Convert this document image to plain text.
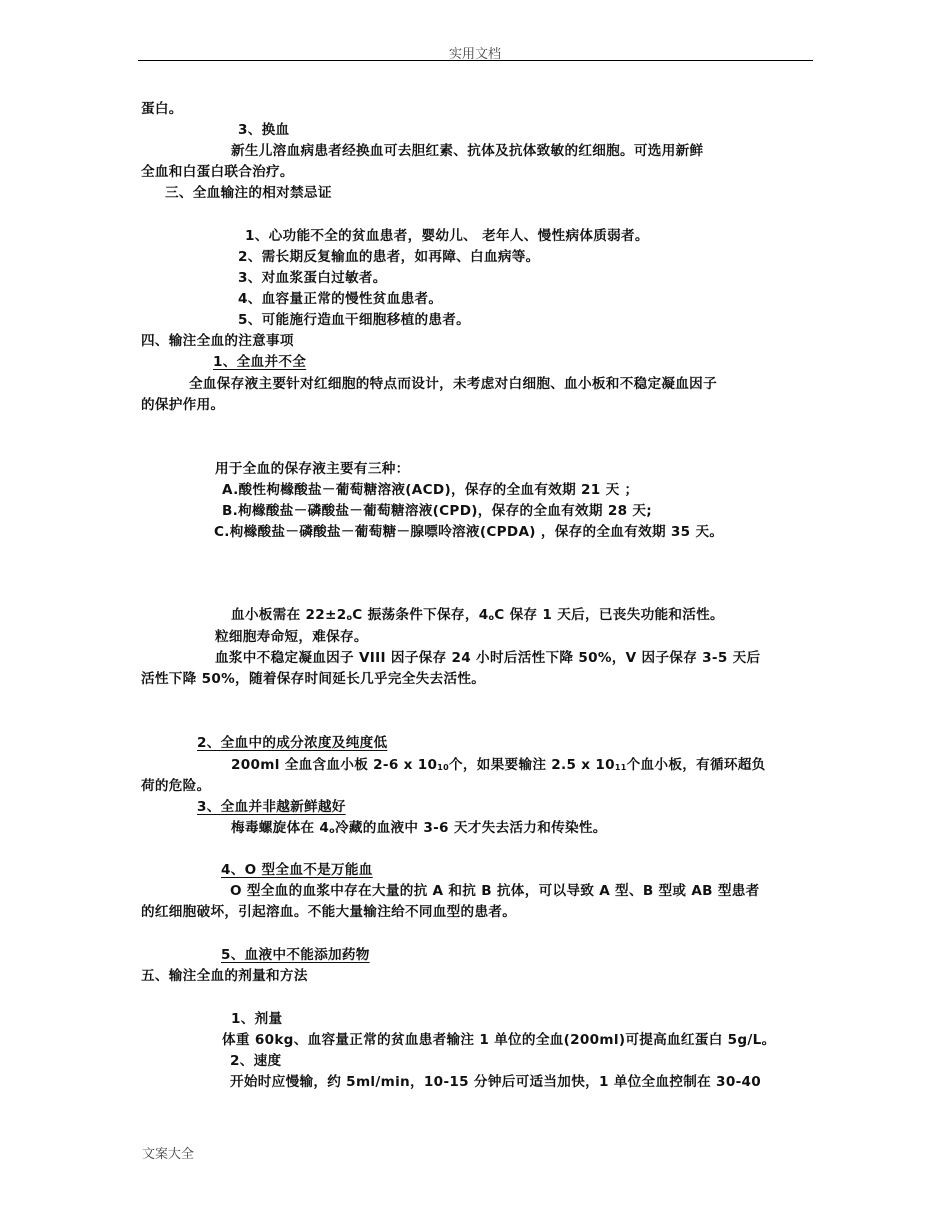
实用文档
蛋白。
3、换血
新生儿溶血病患者经换血可去胆红素、抗体及抗体致敏的红细胞。可选用新鲜
全血和白蛋白联合治疗。
三、全血输注的相对禁忌证
1、心功能不全的贫血患者，婴幼儿、 老年人、慢性病体质弱者。
2、需长期反复输血的患者，如再障、白血病等。
3、对血浆蛋白过敏者。
4、血容量正常的慢性贫血患者。
5、可能施行造血干细胞移植的患者。
四、输注全血的注意事项
1、全血并不全
全血保存液主要针对红细胞的特点而设计，未考虑对白细胞、血小板和不稳定凝血因子
的保护作用。
用于全血的保存液主要有三种：
A.酸性枸橼酸盐－葡萄糖溶液(ACD)，保存的全血有效期 21 天 ；
B.枸橼酸盐－磷酸盐－葡萄糖溶液(CPD)，保存的全血有效期 28 天;
C.枸橼酸盐－磷酸盐－葡萄糖－腺嘌呤溶液(CPDA) ，保存的全血有效期 35 天。
血小板需在 $22\pm 2_oC$ 振荡条件下保存，$4_oC$ 保存 1 天后，已丧失功能和活性。
粒细胞寿命短，难保存。
血浆中不稳定凝血因子 VIII 因子保存 24 小时后活性下降 50%，V 因子保存 3-5 天后
活性下降 50%，随着保存时间延长几乎完全失去活性。
2、全血中的成分浓度及纯度低
200ml 全血含血小板 2-6 x $10_{10}$个，如果要输注 2.5 x $10_{11}$个血小板，有循环超负
荷的危险。
3、全血并非越新鲜越好
梅毒螺旋体在 $4_o$冷藏的血液中 3-6 天才失去活力和传染性。
4、O 型全血不是万能血
O 型全血的血浆中存在大量的抗 A 和抗 B 抗体，可以导致 A 型、B 型或 AB 型患者
的红细胞破坏，引起溶血。不能大量输注给不同血型的患者。
5、血液中不能添加药物
五、输注全血的剂量和方法
1、剂量
体重 60kg、血容量正常的贫血患者输注 1 单位的全血(200ml)可提高血红蛋白 5g/L。
2、速度
开始时应慢输，约 5ml/min，10-15 分钟后可适当加快，1 单位全血控制在 30-40
文案大全
